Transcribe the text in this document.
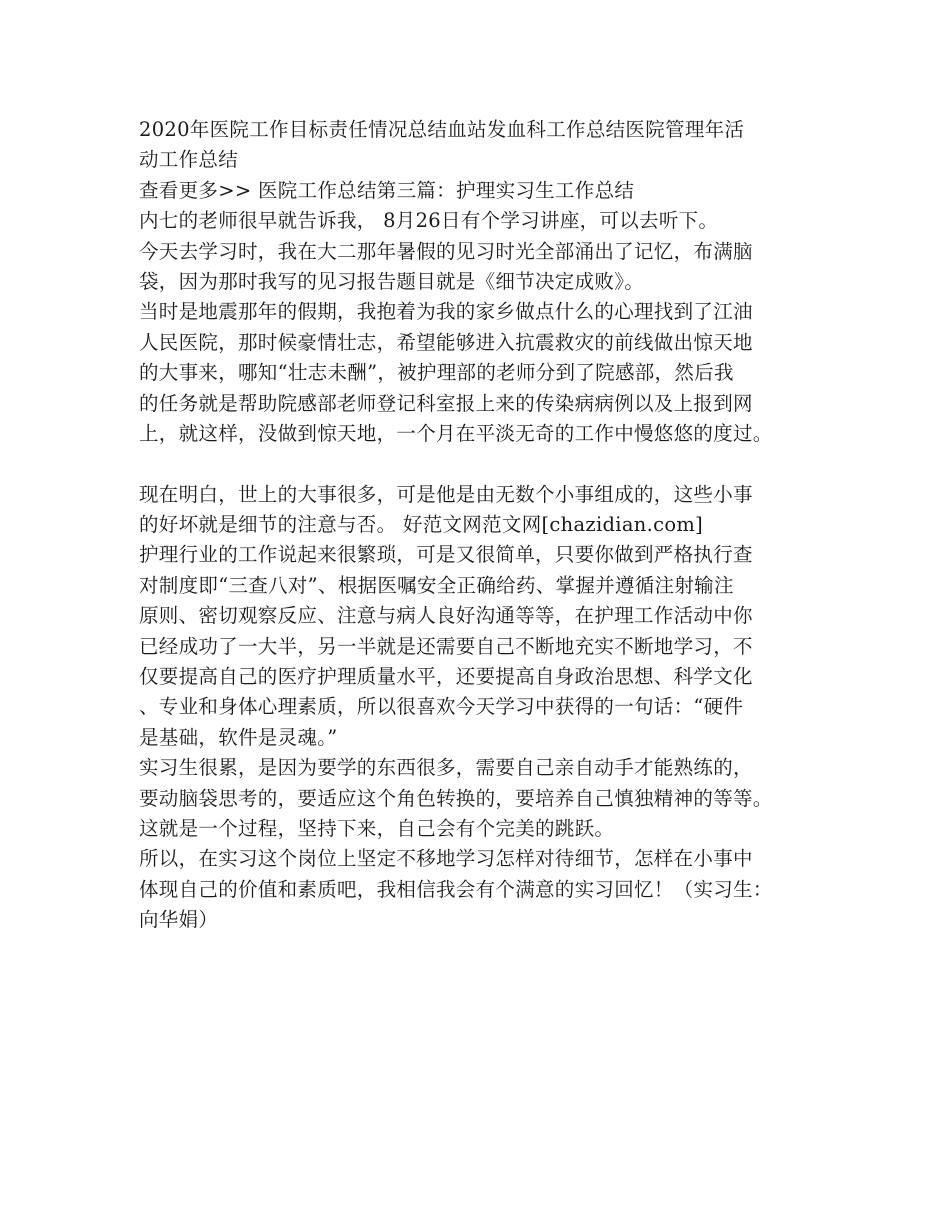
2020年医院工作目标责任情况总结血站发血科工作总结医院管理年活
动工作总结
查看更多>> 医院工作总结第三篇：护理实习生工作总结
内七的老师很早就告诉我， 8月26日有个学习讲座，可以去听下。
今天去学习时，我在大二那年暑假的见习时光全部涌出了记忆，布满脑
袋，因为那时我写的见习报告题目就是《细节决定成败》。
当时是地震那年的假期，我抱着为我的家乡做点什么的心理找到了江油
人民医院，那时候豪情壮志，希望能够进入抗震救灾的前线做出惊天地
的大事来，哪知“壮志未酬”，被护理部的老师分到了院感部，然后我
的任务就是帮助院感部老师登记科室报上来的传染病病例以及上报到网
上，就这样，没做到惊天地，一个月在平淡无奇的工作中慢悠悠的度过。
现在明白，世上的大事很多，可是他是由无数个小事组成的，这些小事
的好坏就是细节的注意与否。 好范文网范文网[chazidian.com]
护理行业的工作说起来很繁琐，可是又很简单，只要你做到严格执行查
对制度即“三查八对”、根据医嘱安全正确给药、掌握并遵循注射输注
原则、密切观察反应、注意与病人良好沟通等等，在护理工作活动中你
已经成功了一大半，另一半就是还需要自己不断地充实不断地学习，不
仅要提高自己的医疗护理质量水平，还要提高自身政治思想、科学文化
、专业和身体心理素质，所以很喜欢今天学习中获得的一句话：“硬件
是基础，软件是灵魂。”
实习生很累，是因为要学的东西很多，需要自己亲自动手才能熟练的，
要动脑袋思考的，要适应这个角色转换的，要培养自己慎独精神的等等。
这就是一个过程，坚持下来，自己会有个完美的跳跃。
所以，在实习这个岗位上坚定不移地学习怎样对待细节，怎样在小事中
体现自己的价值和素质吧，我相信我会有个满意的实习回忆！（实习生：
向华娟）
